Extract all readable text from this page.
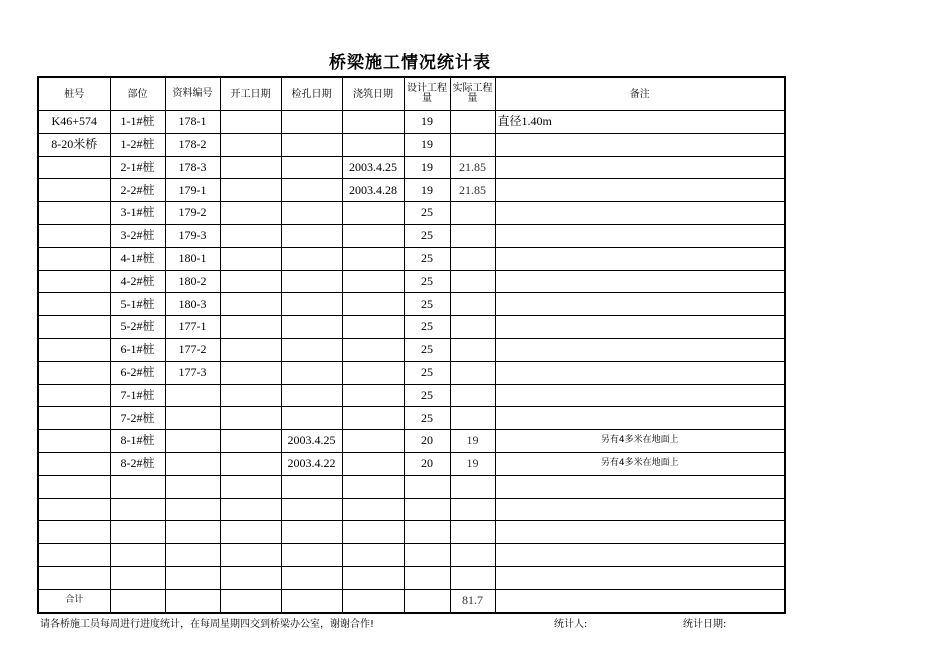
桥梁施工情况统计表
桩号	部位	资料编号	开工日期	检孔日期	浇筑日期	设计工程量	实际工程量	备注
K46+574	1-1#桩	178-1				19		直径1.40m
8-20米桥	1-2#桩	178-2				19		
	2-1#桩	178-3			2003.4.25	19	21.85	
	2-2#桩	179-1			2003.4.28	19	21.85	
	3-1#桩	179-2				25		
	3-2#桩	179-3				25		
	4-1#桩	180-1				25		
	4-2#桩	180-2				25		
	5-1#桩	180-3				25		
	5-2#桩	177-1				25		
	6-1#桩	177-2				25		
	6-2#桩	177-3				25		
	7-1#桩					25		
	7-2#桩					25		
	8-1#桩			2003.4.25		20	19	另有4多米在地面上
	8-2#桩			2003.4.22		20	19	另有4多米在地面上

合计							81.7	
请各桥施工员每周进行进度统计，在每周星期四交到桥梁办公室，谢谢合作!	统计人:	统计日期:
